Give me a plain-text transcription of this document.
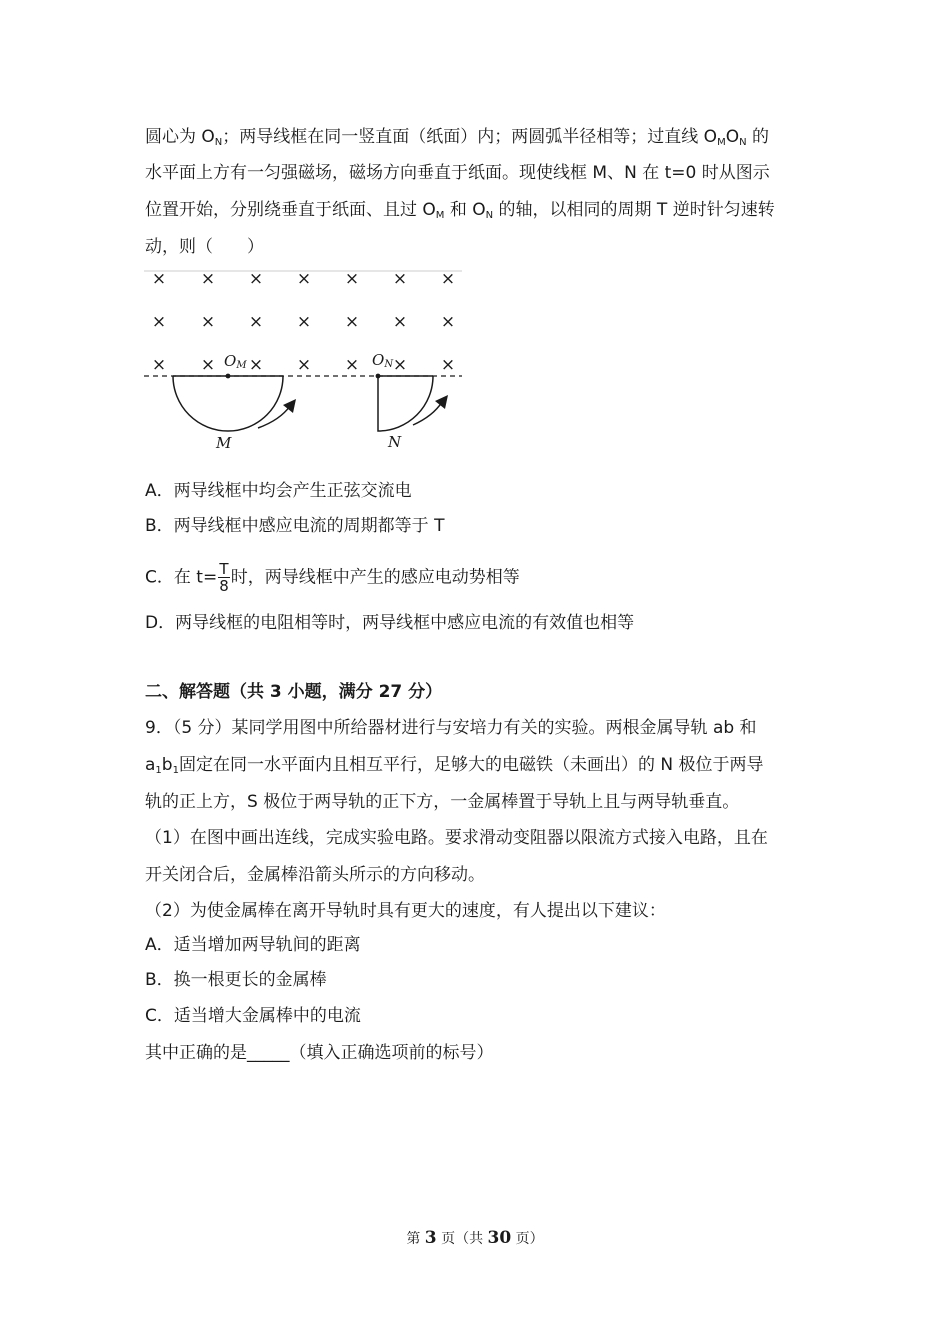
圆心为 $O_N$；两导线框在同一竖直面（纸面）内；两圆弧半径相等；过直线 $O_MO_N$ 的
水平面上方有一匀强磁场，磁场方向垂直于纸面。现使线框 M、N 在 t=0 时从图示
位置开始，分别绕垂直于纸面、且过 $O_M$ 和 $O_N$ 的轴，以相同的周期 T 逆时针匀速转
动，则（　　）
× × × × × × ×
× × × × × × ×
× × × × × × ×
OM	ON
M	N
A．两导线框中均会产生正弦交流电
B．两导线框中感应电流的周期都等于 T
C．在 $t= \frac{T}{8}$ 时，两导线框中产生的感应电动势相等
D．两导线框的电阻相等时，两导线框中感应电流的有效值也相等
二、解答题（共 3 小题，满分 27 分）
9．（5 分）某同学用图中所给器材进行与安培力有关的实验。两根金属导轨 ab 和
$a_1b_1$固定在同一水平面内且相互平行，足够大的电磁铁（未画出）的 N 极位于两导
轨的正上方，S 极位于两导轨的正下方，一金属棒置于导轨上且与两导轨垂直。
（1）在图中画出连线，完成实验电路。要求滑动变阻器以限流方式接入电路，且在
开关闭合后，金属棒沿箭头所示的方向移动。
（2）为使金属棒在离开导轨时具有更大的速度，有人提出以下建议：
A．适当增加两导轨间的距离
B．换一根更长的金属棒
C．适当增大金属棒中的电流
其中正确的是_____（填入正确选项前的标号）
第 3 页（共 30 页）
